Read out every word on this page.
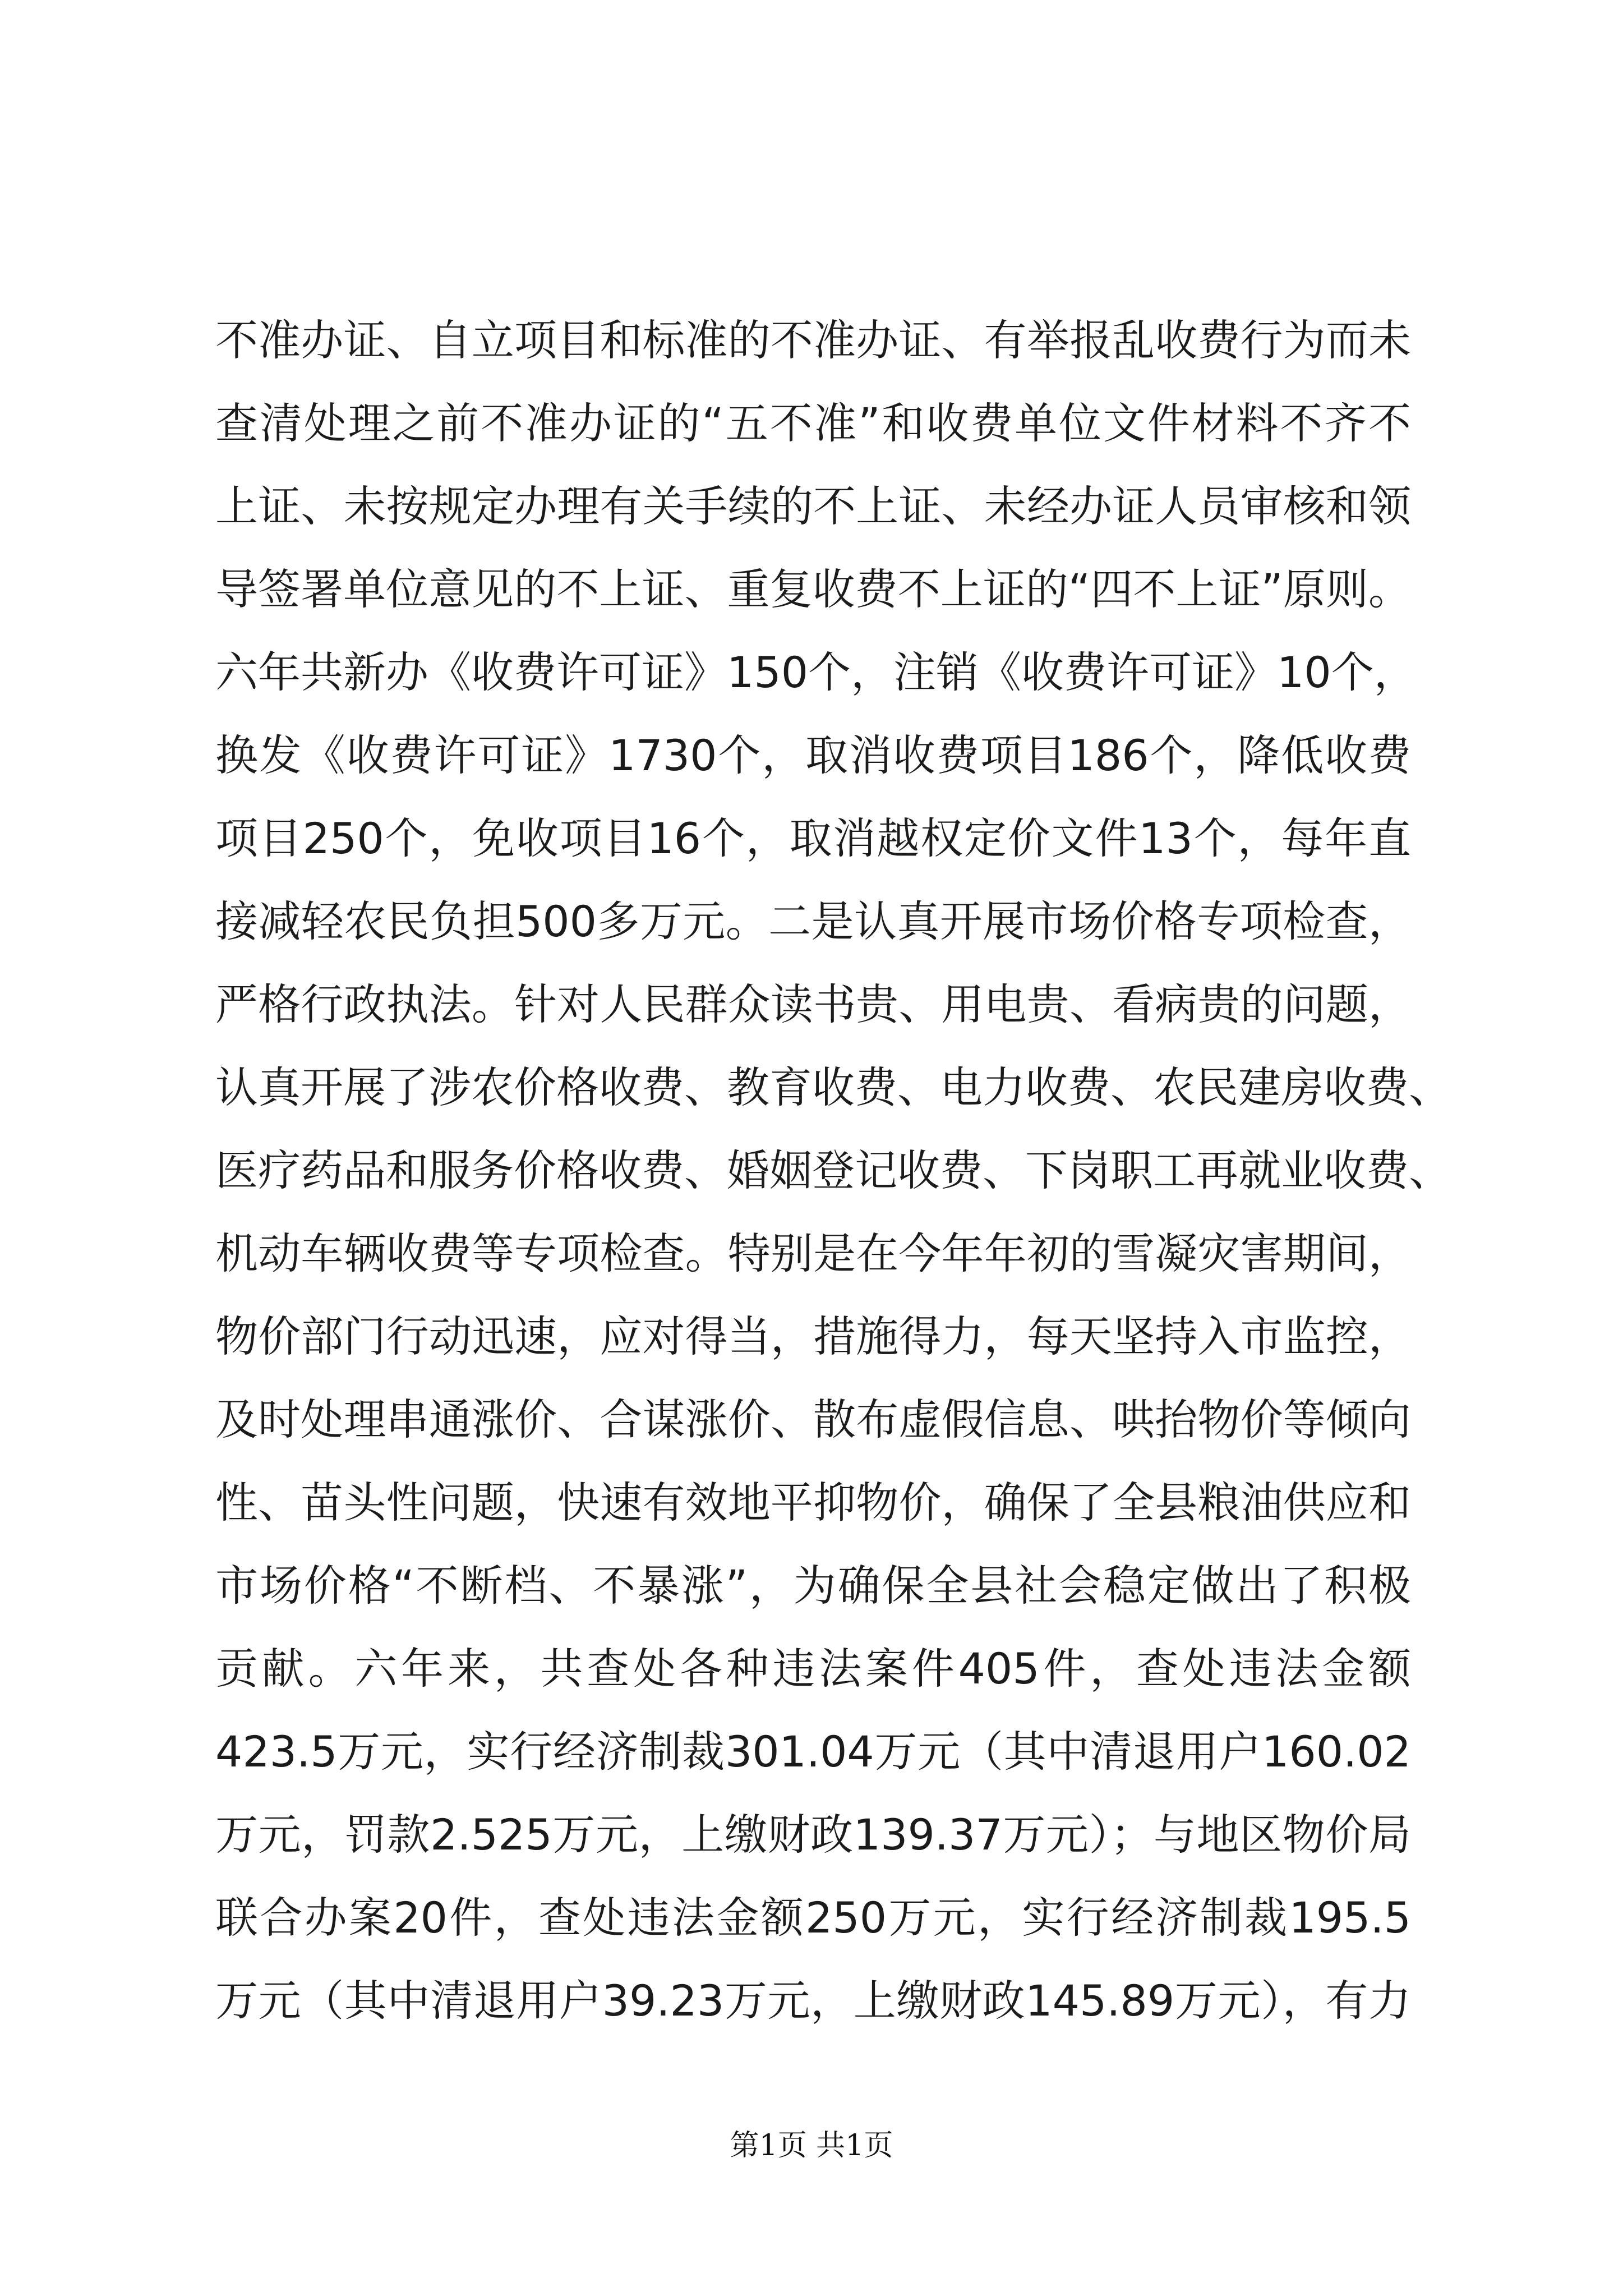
不准办证、自立项目和标准的不准办证、有举报乱收费行为而未
查清处理之前不准办证的“五不准”和收费单位文件材料不齐不
上证、未按规定办理有关手续的不上证、未经办证人员审核和领
导签署单位意见的不上证、重复收费不上证的“四不上证”原则。
六年共新办《收费许可证》150个，注销《收费许可证》10个，
换发《收费许可证》1730个，取消收费项目186个，降低收费
项目250个，免收项目16个，取消越权定价文件13个，每年直
接减轻农民负担500多万元。二是认真开展市场价格专项检查，
严格行政执法。针对人民群众读书贵、用电贵、看病贵的问题，
认真开展了涉农价格收费、教育收费、电力收费、农民建房收费、
医疗药品和服务价格收费、婚姻登记收费、下岗职工再就业收费、
机动车辆收费等专项检查。特别是在今年年初的雪凝灾害期间，
物价部门行动迅速，应对得当，措施得力，每天坚持入市监控，
及时处理串通涨价、合谋涨价、散布虚假信息、哄抬物价等倾向
性、苗头性问题，快速有效地平抑物价，确保了全县粮油供应和
市场价格“不断档、不暴涨”，为确保全县社会稳定做出了积极
贡献。六年来，共查处各种违法案件405件，查处违法金额
423.5万元，实行经济制裁301.04万元（其中清退用户160.02
万元，罚款2.525万元，上缴财政139.37万元）；与地区物价局
联合办案20件，查处违法金额250万元，实行经济制裁195.5
万元（其中清退用户39.23万元，上缴财政145.89万元），有力
第1页 共1页
